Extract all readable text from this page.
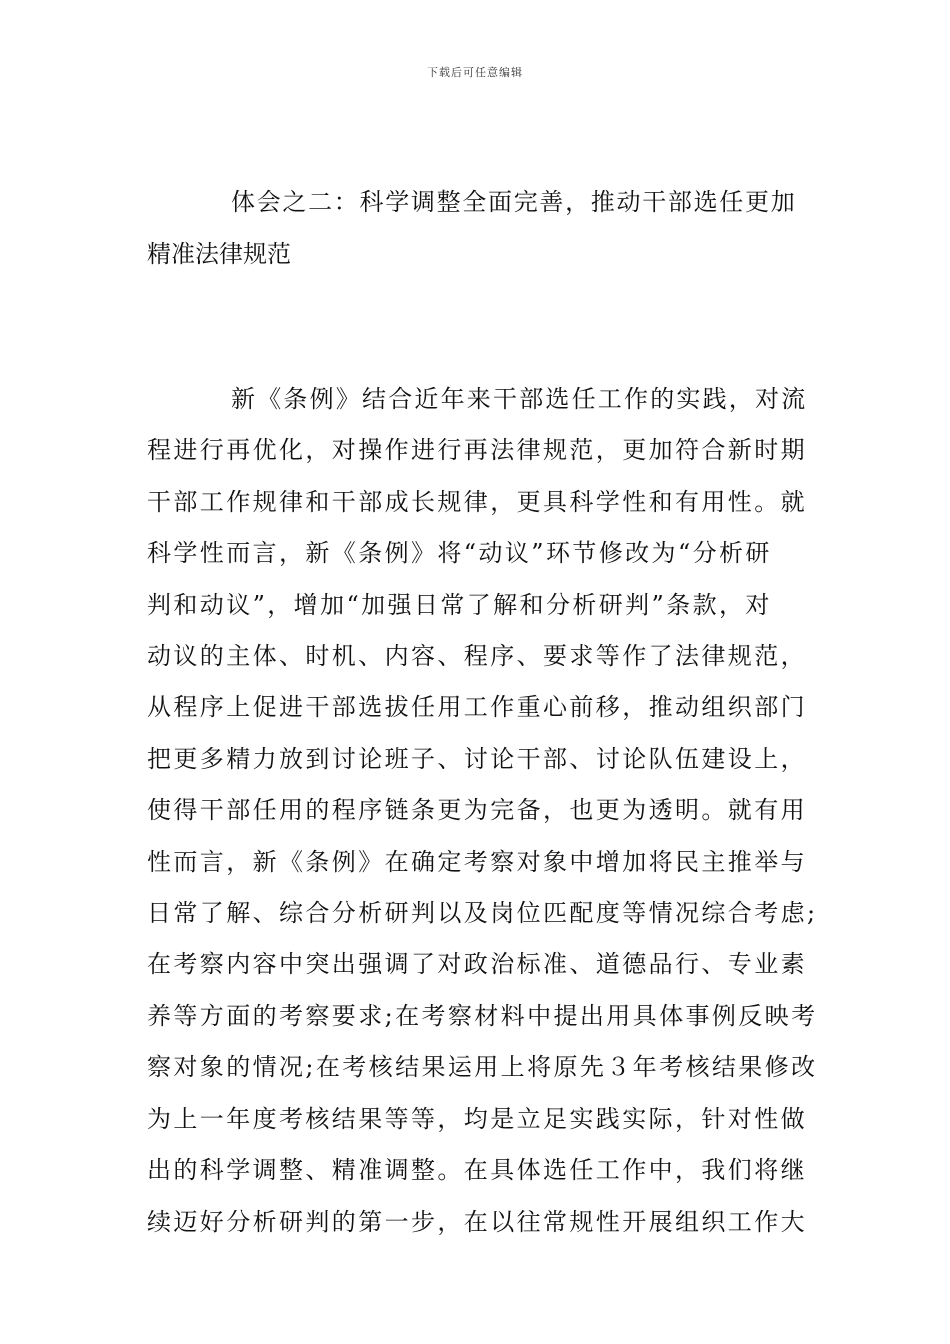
下载后可任意编辑
体会之二：科学调整全面完善，推动干部选任更加
精准法律规范
新《条例》结合近年来干部选任工作的实践，对流
程进行再优化，对操作进行再法律规范，更加符合新时期
干部工作规律和干部成长规律，更具科学性和有用性。就
科学性而言，新《条例》将“动议”环节修改为“分析研
判和动议”，增加“加强日常了解和分析研判”条款，对
动议的主体、时机、内容、程序、要求等作了法律规范，
从程序上促进干部选拔任用工作重心前移，推动组织部门
把更多精力放到讨论班子、讨论干部、讨论队伍建设上，
使得干部任用的程序链条更为完备，也更为透明。就有用
性而言，新《条例》在确定考察对象中增加将民主推举与
日常了解、综合分析研判以及岗位匹配度等情况综合考虑;
在考察内容中突出强调了对政治标准、道德品行、专业素
养等方面的考察要求;在考察材料中提出用具体事例反映考
察对象的情况;在考核结果运用上将原先３年考核结果修改
为上一年度考核结果等等，均是立足实践实际，针对性做
出的科学调整、精准调整。在具体选任工作中，我们将继
续迈好分析研判的第一步，在以往常规性开展组织工作大
